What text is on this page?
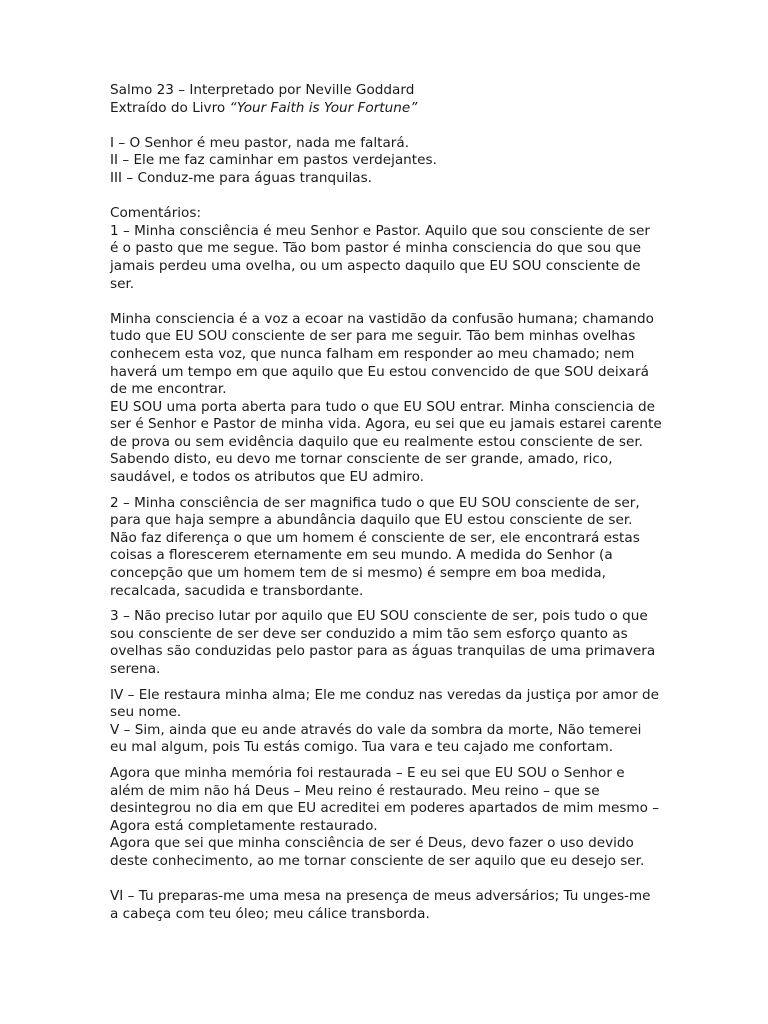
Salmo 23 – Interpretado por Neville Goddard

Extraído do Livro “Your Faith is Your Fortune”

I – O Senhor é meu pastor, nada me faltará.

II – Ele me faz caminhar em pastos verdejantes.

III – Conduz-me para águas tranquilas.

Comentários:

1 – Minha consciência é meu Senhor e Pastor. Aquilo que sou consciente de ser é o pasto que me segue. Tão bom pastor é minha consciencia do que sou que jamais perdeu uma ovelha, ou um aspecto daquilo que EU SOU consciente de ser.

Minha consciencia é a voz a ecoar na vastidão da confusão humana; chamando tudo que EU SOU consciente de ser para me seguir. Tão bem minhas ovelhas conhecem esta voz, que nunca falham em responder ao meu chamado; nem haverá um tempo em que aquilo que Eu estou convencido de que SOU deixará de me encontrar.

EU SOU uma porta aberta para tudo o que EU SOU entrar. Minha consciencia de ser é Senhor e Pastor de minha vida. Agora, eu sei que eu jamais estarei carente de prova ou sem evidência daquilo que eu realmente estou consciente de ser. Sabendo disto, eu devo me tornar consciente de ser grande, amado, rico, saudável, e todos os atributos que EU admiro.

2 – Minha consciência de ser magnifica tudo o que EU SOU consciente de ser, para que haja sempre a abundância daquilo que EU estou consciente de ser. Não faz diferença o que um homem é consciente de ser, ele encontrará estas coisas a florescerem eternamente em seu mundo. A medida do Senhor (a concepção que um homem tem de si mesmo) é sempre em boa medida, recalcada, sacudida e transbordante.

3 – Não preciso lutar por aquilo que EU SOU consciente de ser, pois tudo o que sou consciente de ser deve ser conduzido a mim tão sem esforço quanto as ovelhas são conduzidas pelo pastor para as águas tranquilas de uma primavera serena.

IV – Ele restaura minha alma; Ele me conduz nas veredas da justiça por amor de seu nome.

V – Sim, ainda que eu ande através do vale da sombra da morte, Não temerei eu mal algum, pois Tu estás comigo. Tua vara e teu cajado me confortam.

Agora que minha memória foi restaurada – E eu sei que EU SOU o Senhor e além de mim não há Deus – Meu reino é restaurado. Meu reino – que se desintegrou no dia em que EU acreditei em poderes apartados de mim mesmo – Agora está completamente restaurado.

Agora que sei que minha consciência de ser é Deus, devo fazer o uso devido deste conhecimento, ao me tornar consciente de ser aquilo que eu desejo ser.

VI – Tu preparas-me uma mesa na presença de meus adversários; Tu unges-me a cabeça com teu óleo; meu cálice transborda.
